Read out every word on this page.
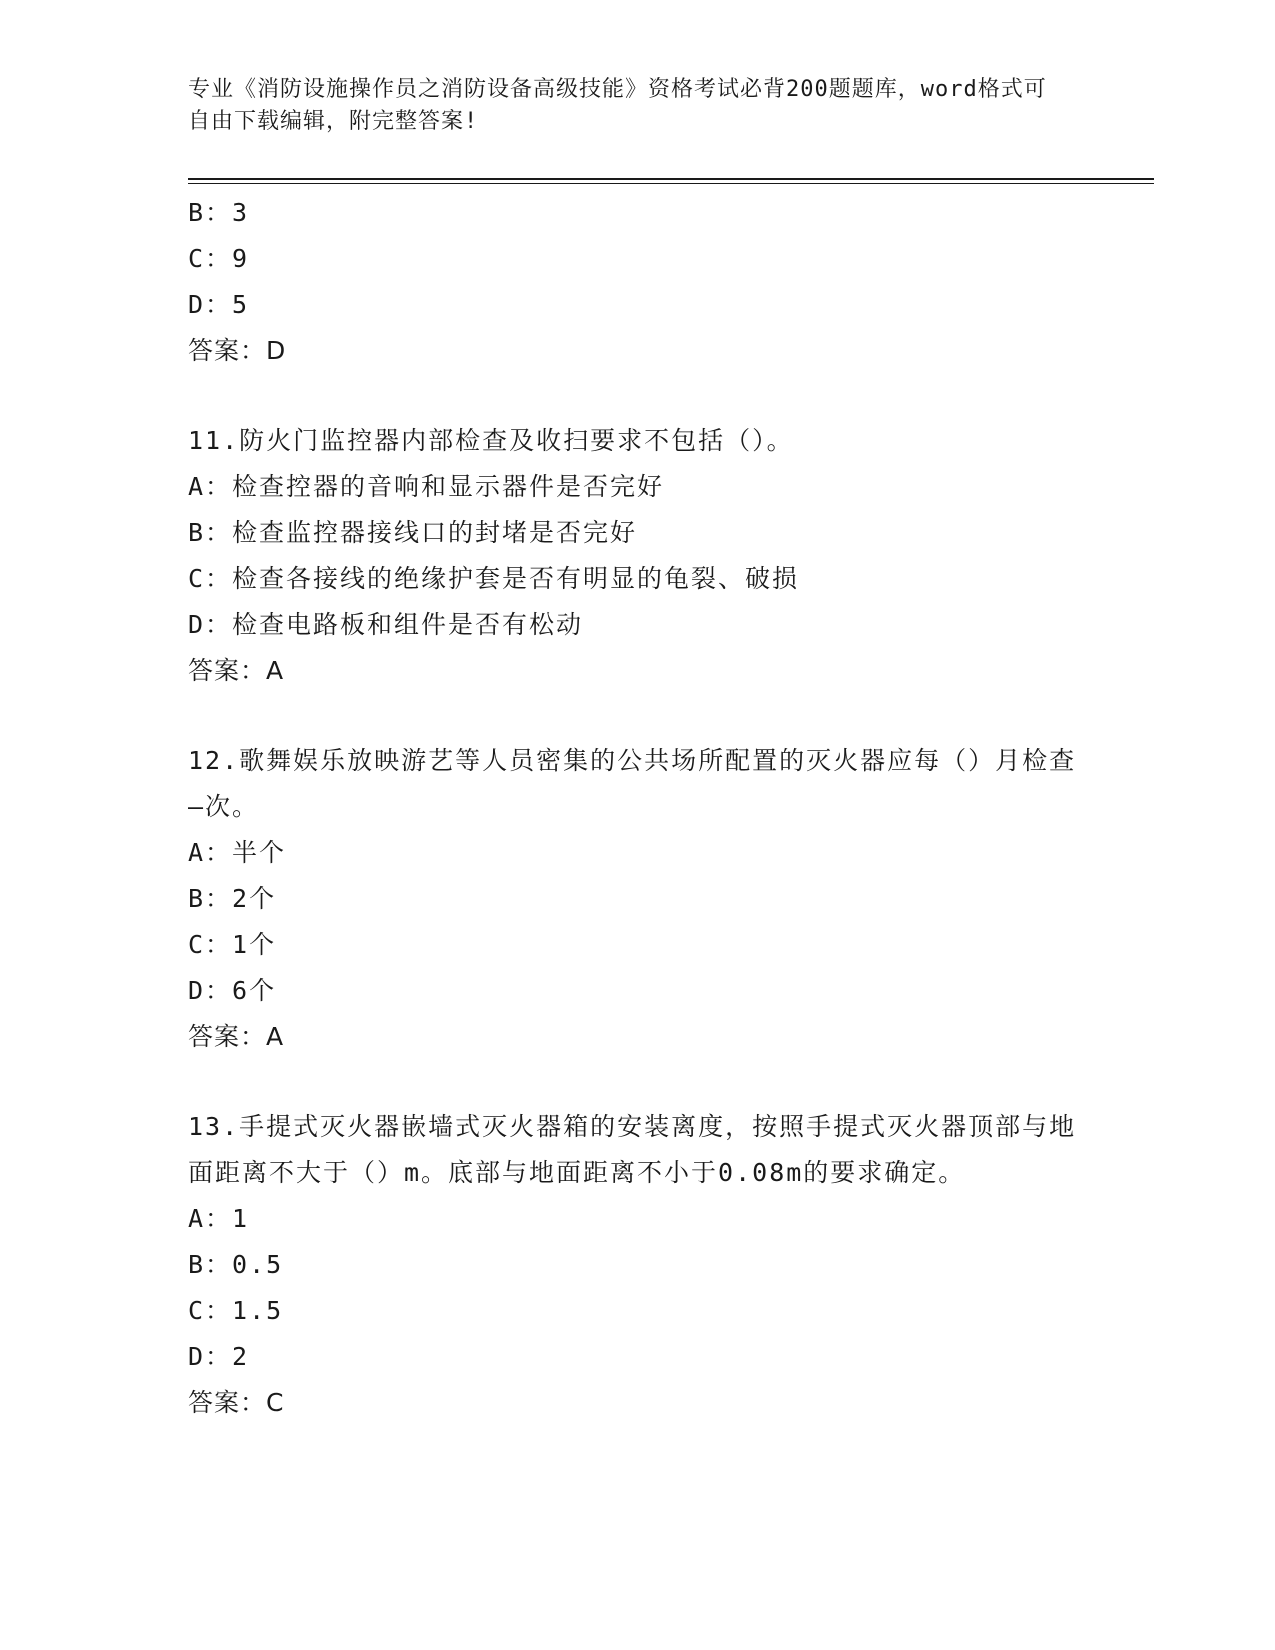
专业《消防设施操作员之消防设备高级技能》资格考试必背200题题库，word格式可自由下载编辑，附完整答案!
B：3
C：9
D：5
答案：D
11.防火门监控器内部检查及收扫要求不包括（）。
A：检查控器的音响和显示器件是否完好
B：检查监控器接线口的封堵是否完好
C：检查各接线的绝缘护套是否有明显的龟裂、破损
D：检查电路板和组件是否有松动
答案：A
12.歌舞娱乐放映游艺等人员密集的公共场所配置的灭火器应每（）月检查—次。
A：半个
B：2个
C：1个
D：6个
答案：A
13.手提式灭火器嵌墙式灭火器箱的安装离度，按照手提式灭火器顶部与地面距离不大于（）m。底部与地面距离不小于0.08m的要求确定。
A：1
B：0.5
C：1.5
D：2
答案：C
